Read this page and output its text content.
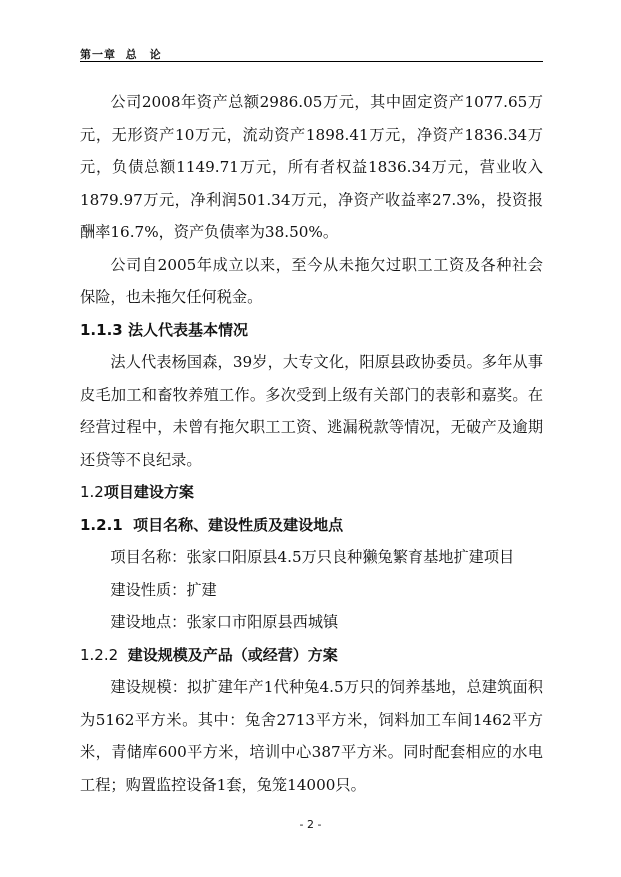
第一章 总　论

公司2008年资产总额2986.05万元，其中固定资产1077.65万元，无形资产10万元，流动资产1898.41万元，净资产1836.34万元，负债总额1149.71万元，所有者权益1836.34万元，营业收入1879.97万元，净利润501.34万元，净资产收益率27.3%，投资报酬率16.7%，资产负债率为38.50%。

公司自2005年成立以来，至今从未拖欠过职工工资及各种社会保险，也未拖欠任何税金。

1.1.3 法人代表基本情况

法人代表杨国森，39岁，大专文化，阳原县政协委员。多年从事皮毛加工和畜牧养殖工作。多次受到上级有关部门的表彰和嘉奖。在经营过程中，未曾有拖欠职工工资、逃漏税款等情况，无破产及逾期还贷等不良纪录。

1.2项目建设方案

1.2.1 项目名称、建设性质及建设地点

项目名称：张家口阳原县4.5万只良种獭兔繁育基地扩建项目

建设性质：扩建

建设地点：张家口市阳原县西城镇

1.2.2 建设规模及产品（或经营）方案

建设规模：拟扩建年产1代种兔4.5万只的饲养基地，总建筑面积为5162平方米。其中：兔舍2713平方米，饲料加工车间1462平方米，青储库600平方米，培训中心387平方米。同时配套相应的水电工程；购置监控设备1套，兔笼14000只。

- 2 -
